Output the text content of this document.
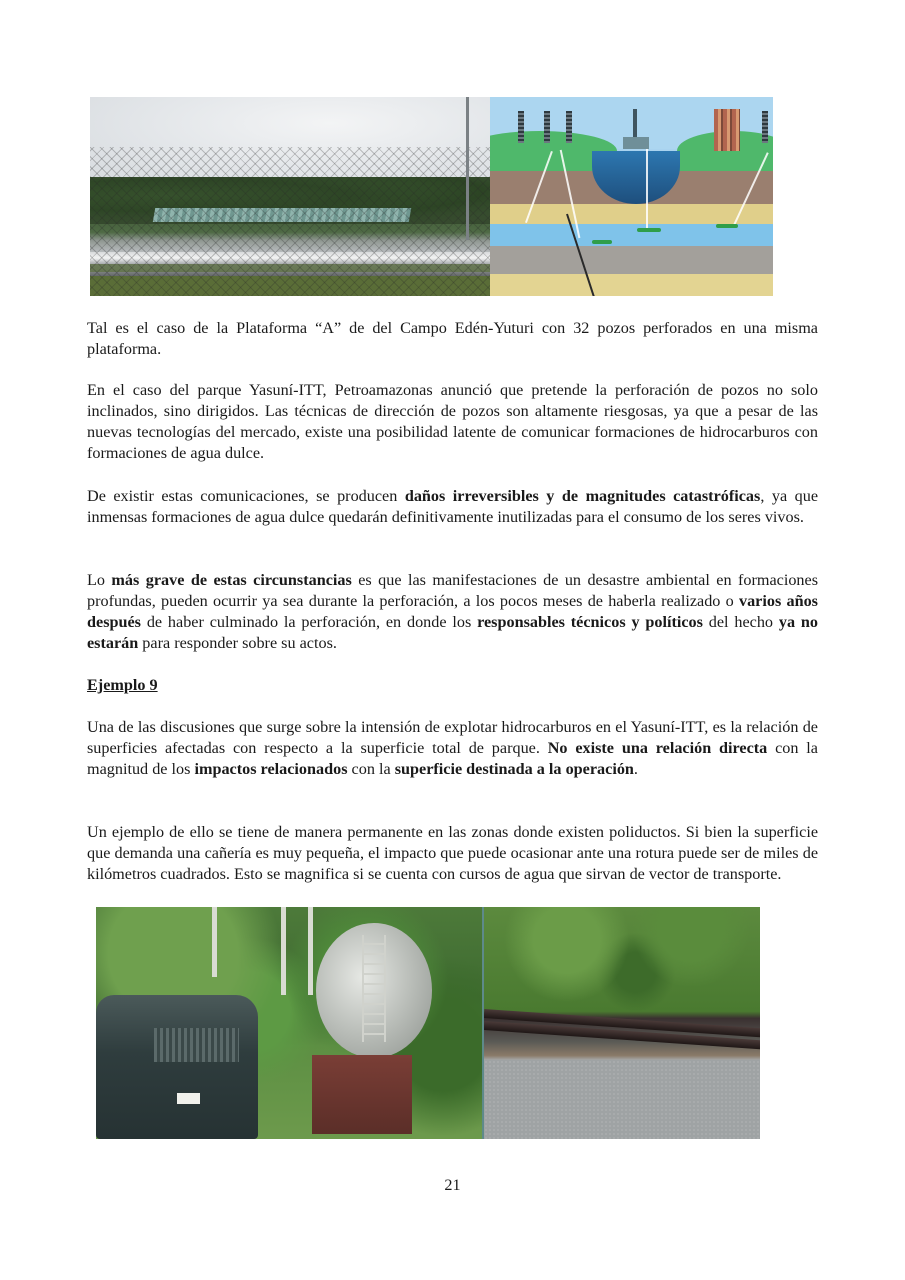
Tal es el caso de la Plataforma “A” de del Campo Edén-Yuturi con 32 pozos perforados en una misma plataforma.

En el caso del parque Yasuní-ITT, Petroamazonas anunció que pretende la perforación de pozos no solo inclinados, sino dirigidos. Las técnicas de dirección de pozos son altamente riesgosas, ya que a pesar de las nuevas tecnologías del mercado, existe una posibilidad latente de comunicar formaciones de hidrocarburos con formaciones de agua dulce.

De existir estas comunicaciones, se producen daños irreversibles y de magnitudes catastróficas, ya que inmensas formaciones de agua dulce quedarán definitivamente inutilizadas para el consumo de los seres vivos.

Lo más grave de estas circunstancias es que las manifestaciones de un desastre ambiental en formaciones profundas, pueden ocurrir ya sea durante la perforación, a los pocos meses de haberla realizado o varios años después de haber culminado la perforación, en donde los responsables técnicos y políticos del hecho ya no estarán para responder sobre su actos.

Ejemplo 9

Una de las discusiones que surge sobre la intensión de explotar hidrocarburos en el Yasuní-ITT, es la relación de superficies afectadas con respecto a la superficie total de parque. No existe una relación directa con la magnitud de los impactos relacionados con la superficie destinada a la operación.

Un ejemplo de ello se tiene de manera permanente en las zonas donde existen poliductos. Si bien la superficie que demanda una cañería es muy pequeña, el impacto que puede ocasionar ante una rotura puede ser de miles de kilómetros cuadrados. Esto se magnifica si se cuenta con cursos de agua que sirvan de vector de transporte.

21
